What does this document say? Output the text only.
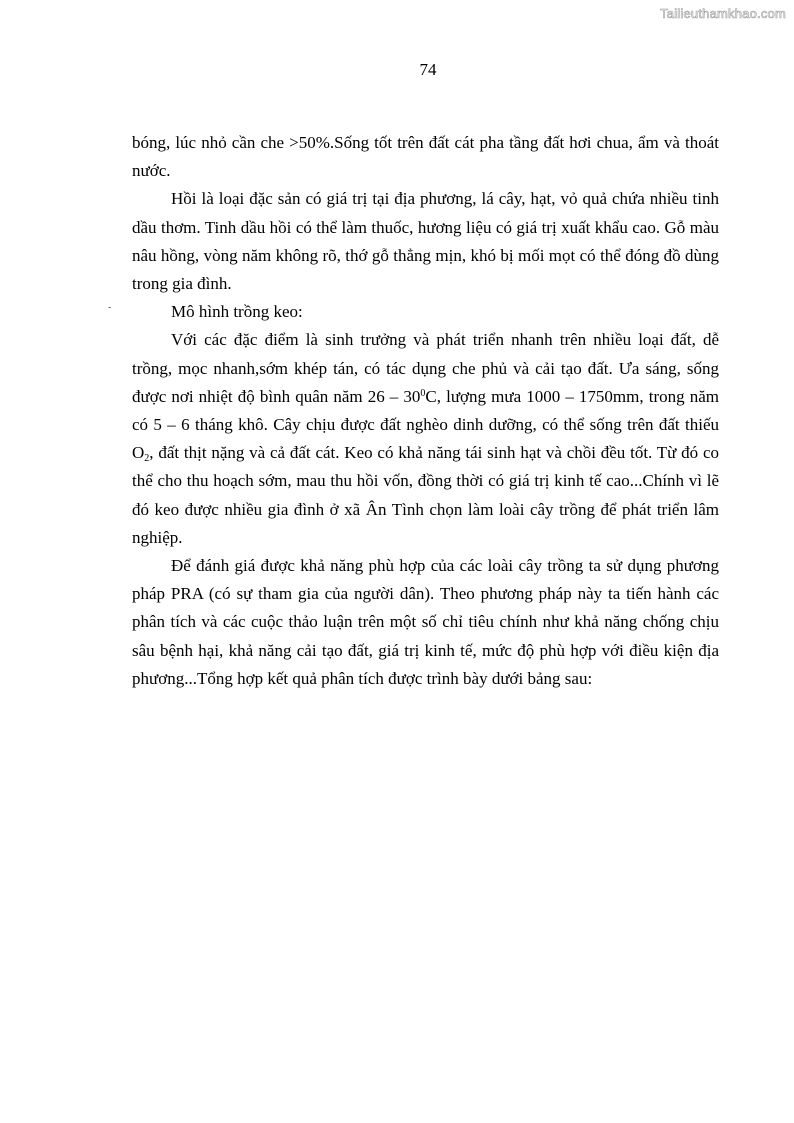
Tailieuthamkhao.com
74
-

bóng, lúc nhỏ cần che >50%.Sống tốt trên đất cát pha tầng đất hơi chua, ẩm và thoát nước.

Hồi là loại đặc sản có giá trị tại địa phương, lá cây, hạt, vỏ quả chứa nhiều tinh dầu thơm. Tinh dầu hồi có thể làm thuốc, hương liệu có giá trị xuất khẩu cao. Gỗ màu nâu hồng, vòng năm không rõ, thớ gỗ thẳng mịn, khó bị mối mọt có thể đóng đồ dùng trong gia đình.

Mô hình trồng keo:

Với các đặc điểm là sinh trưởng và phát triển nhanh trên nhiều loại đất, dễ trồng, mọc nhanh,sớm khép tán, có tác dụng che phủ và cải tạo đất. Ưa sáng, sống được nơi nhiệt độ bình quân năm $26 - 30^0C$, lượng mưa 1000 – 1750mm, trong năm có 5 – 6 tháng khô. Cây chịu được đất nghèo dinh dưỡng, có thể sống trên đất thiếu $O_2$, đất thịt nặng và cả đất cát. Keo có khả năng tái sinh hạt và chồi đều tốt. Từ đó co thể cho thu hoạch sớm, mau thu hồi vốn, đồng thời có giá trị kinh tế cao...Chính vì lẽ đó keo được nhiều gia đình ở xã Ân Tình chọn làm loài cây trồng để phát triển lâm nghiệp.

Để đánh giá được khả năng phù hợp của các loài cây trồng ta sử dụng phương pháp PRA (có sự tham gia của người dân). Theo phương pháp này ta tiến hành các phân tích và các cuộc thảo luận trên một số chỉ tiêu chính như khả năng chống chịu sâu bệnh hại, khả năng cải tạo đất, giá trị kinh tế, mức độ phù hợp với điều kiện địa phương...Tổng hợp kết quả phân tích được trình bày dưới bảng sau:
